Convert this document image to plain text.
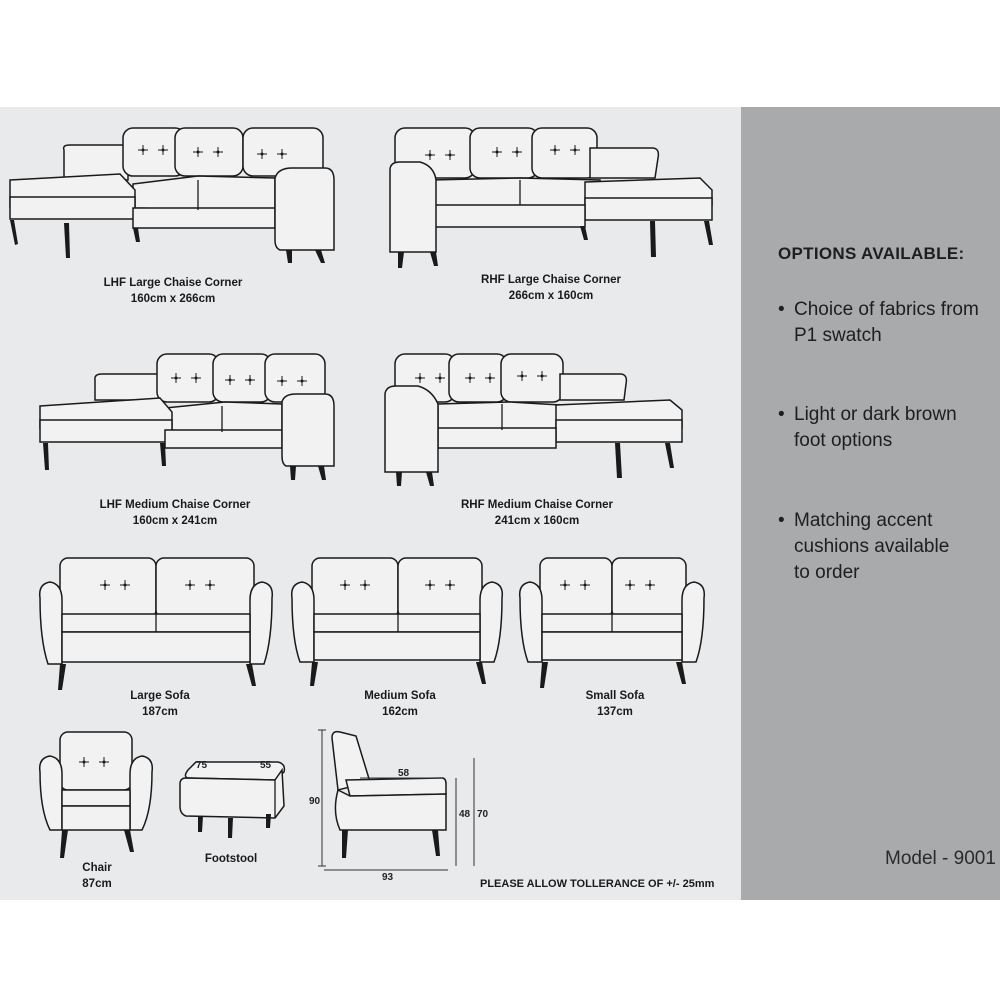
LHF Large Chaise Corner
160cm x 266cm
RHF Large Chaise Corner
266cm x 160cm
LHF Medium Chaise Corner
160cm x 241cm
RHF Medium Chaise Corner
241cm x 160cm
Large Sofa
187cm
Medium Sofa
162cm
Small Sofa
137cm
Chair
87cm
Footstool
75	55
90
58
48 70
93
PLEASE ALLOW TOLLERANCE OF +/- 25mm
OPTIONS AVAILABLE:
• Choice of fabrics from
P1 swatch
• Light or dark brown
foot options
• Matching accent
cushions available
to order
Model - 9001
